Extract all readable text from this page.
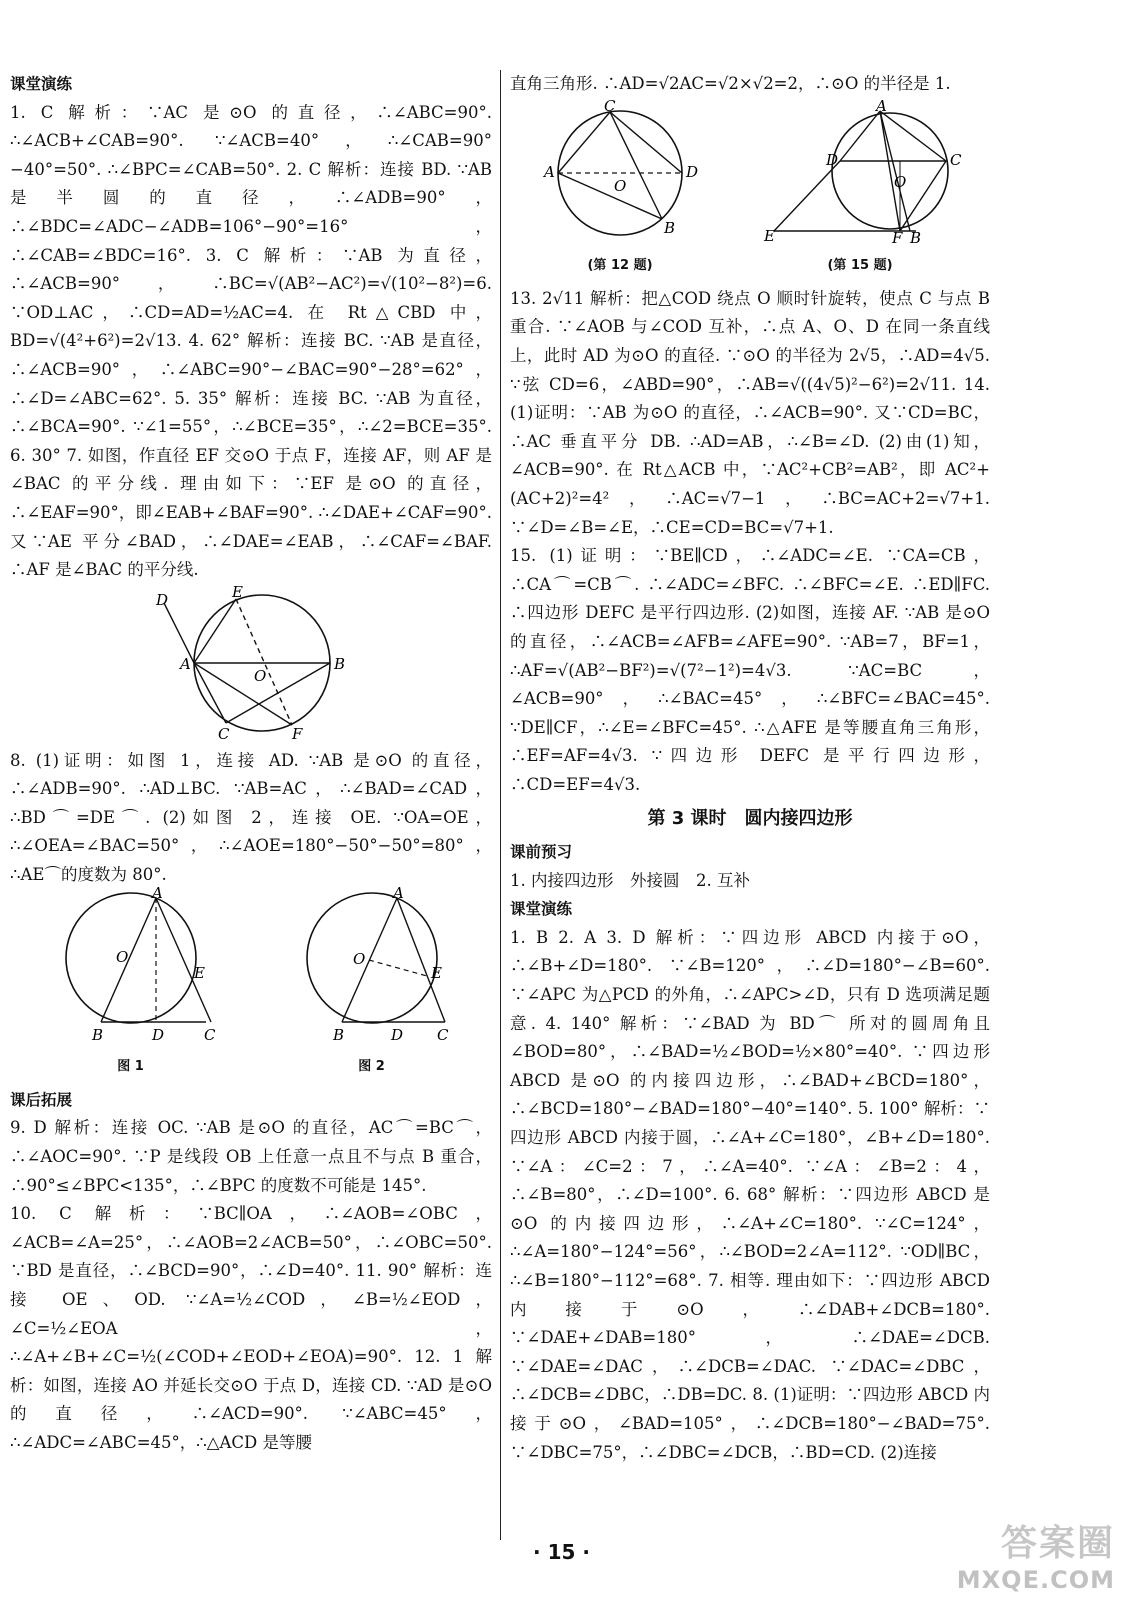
课堂演练

1. C 解析：∵AC 是⊙O 的直径，∴∠ABC=90°. ∴∠ACB+∠CAB=90°. ∵∠ACB=40°，∴∠CAB=90°−40°=50°. ∴∠BPC=∠CAB=50°. 2. C 解析：连接 BD. ∵AB 是半圆的直径，∴∠ADB=90°，∴∠BDC=∠ADC−∠ADB=106°−90°=16°，∴∠CAB=∠BDC=16°. 3. C 解析：∵AB 为直径，∴∠ACB=90°，∴BC=√(AB²−AC²)=√(10²−8²)=6. ∵OD⊥AC，∴CD=AD=½AC=4. 在 Rt△CBD 中，BD=√(4²+6²)=2√13. 4. 62° 解析：连接 BC. ∵AB 是直径，∴∠ACB=90°，∴∠ABC=90°−∠BAC=90°−28°=62°，∴∠D=∠ABC=62°. 5. 35° 解析：连接 BC. ∵AB 为直径，∴∠BCA=90°. ∵∠1=55°，∴∠BCE=35°，∴∠2=BCE=35°. 6. 30° 7. 如图，作直径 EF 交⊙O 于点 F，连接 AF，则 AF 是∠BAC 的平分线. 理由如下：∵EF 是⊙O 的直径，∴∠EAF=90°，即∠EAB+∠BAF=90°. ∴∠DAE+∠CAF=90°. 又∵AE 平分∠BAD，∴∠DAE=∠EAB，∴∠CAF=∠BAF. ∴AF 是∠BAC 的平分线.

D	E
A	B
O
C	F

8. (1)证明：如图 1，连接 AD. ∵AB 是⊙O 的直径，∴∠ADB=90°. ∴AD⊥BC. ∵AB=AC，∴∠BAD=∠CAD，∴BD⌒=DE⌒. (2)如图 2，连接 OE. ∵OA=OE，∴∠OEA=∠BAC=50°，∴∠AOE=180°−50°−50°=80°，∴AE⌒的度数为 80°.

A
O
E
B	D	C
图 1
A
O
E
B	D C
图 2

课后拓展

9. D 解析：连接 OC. ∵AB 是⊙O 的直径，AC⌒=BC⌒，∴∠AOC=90°. ∵P 是线段 OB 上任意一点且不与点 B 重合，∴90°≤∠BPC<135°，∴∠BPC 的度数不可能是 145°.

10. C 解析：∵BC∥OA，∴∠AOB=∠OBC，∠ACB=∠A=25°，∴∠AOB=2∠ACB=50°，∴∠OBC=50°. ∵BD 是直径，∴∠BCD=90°，∴∠D=40°. 11. 90° 解析：连接 OE、OD. ∵∠A=½∠COD，∠B=½∠EOD，∠C=½∠EOA，∴∠A+∠B+∠C=½(∠COD+∠EOD+∠EOA)=90°. 12. 1 解析：如图，连接 AO 并延长交⊙O 于点 D，连接 CD. ∵AD 是⊙O 的直径，∴∠ACD=90°. ∵∠ABC=45°，∴∠ADC=∠ABC=45°，∴△ACD 是等腰

直角三角形. ∴AD=√2AC=√2×√2=2，∴⊙O 的半径是 1.

C
A	D
O
B
(第 12 题)
A
D	C
O
E	F B
(第 15 题)

13. 2√11 解析：把△COD 绕点 O 顺时针旋转，使点 C 与点 B 重合. ∵∠AOB 与∠COD 互补，∴点 A、O、D 在同一条直线上，此时 AD 为⊙O 的直径. ∵⊙O 的半径为 2√5，∴AD=4√5. ∵弦 CD=6，∠ABD=90°，∴AB=√((4√5)²−6²)=2√11. 14. (1)证明：∵AB 为⊙O 的直径，∴∠ACB=90°. 又∵CD=BC，∴AC 垂直平分 DB. ∴AD=AB，∴∠B=∠D. (2)由(1)知，∠ACB=90°. 在 Rt△ACB 中，∵AC²+CB²=AB²，即 AC²+(AC+2)²=4²，∴AC=√7−1，∴BC=AC+2=√7+1. ∵∠D=∠B=∠E，∴CE=CD=BC=√7+1.

15. (1)证明：∵BE∥CD，∴∠ADC=∠E. ∵CA=CB，∴CA⌒=CB⌒. ∴∠ADC=∠BFC. ∴∠BFC=∠E. ∴ED∥FC. ∴四边形 DEFC 是平行四边形. (2)如图，连接 AF. ∵AB 是⊙O 的直径，∴∠ACB=∠AFB=∠AFE=90°. ∵AB=7，BF=1，∴AF=√(AB²−BF²)=√(7²−1²)=4√3. ∵AC=BC，∠ACB=90°，∴∠BAC=45°，∴∠BFC=∠BAC=45°. ∵DE∥CF，∴∠E=∠BFC=45°. ∴△AFE 是等腰直角三角形，∴EF=AF=4√3. ∵四边形 DEFC 是平行四边形，∴CD=EF=4√3.

第 3 课时　圆内接四边形

课前预习

1. 内接四边形　外接圆　2. 互补

课堂演练

1. B 2. A 3. D 解析：∵四边形 ABCD 内接于⊙O，∴∠B+∠D=180°. ∵∠B=120°，∴∠D=180°−∠B=60°. ∵∠APC 为△PCD 的外角，∴∠APC>∠D，只有 D 选项满足题意. 4. 140° 解析：∵∠BAD 为 BD⌒ 所对的圆周角且∠BOD=80°，∴∠BAD=½∠BOD=½×80°=40°. ∵四边形 ABCD 是⊙O 的内接四边形，∴∠BAD+∠BCD=180°，∴∠BCD=180°−∠BAD=180°−40°=140°. 5. 100° 解析：∵四边形 ABCD 内接于圆，∴∠A+∠C=180°，∠B+∠D=180°. ∵∠A：∠C=2：7，∴∠A=40°. ∵∠A：∠B=2：4，∴∠B=80°，∴∠D=100°. 6. 68° 解析：∵四边形 ABCD 是⊙O 的内接四边形，∴∠A+∠C=180°. ∵∠C=124°，∴∠A=180°−124°=56°，∴∠BOD=2∠A=112°. ∵OD∥BC，∴∠B=180°−112°=68°. 7. 相等. 理由如下：∵四边形 ABCD 内接于⊙O，∴∠DAB+∠DCB=180°. ∵∠DAE+∠DAB=180°，∴∠DAE=∠DCB. ∵∠DAE=∠DAC，∴∠DCB=∠DAC. ∵∠DAC=∠DBC，∴∠DCB=∠DBC，∴DB=DC. 8. (1)证明：∵四边形 ABCD 内接于⊙O，∠BAD=105°，∴∠DCB=180°−∠BAD=75°. ∵∠DBC=75°，∴∠DBC=∠DCB，∴BD=CD. (2)连接

· 15 ·	答案圈
MXQE.COM
